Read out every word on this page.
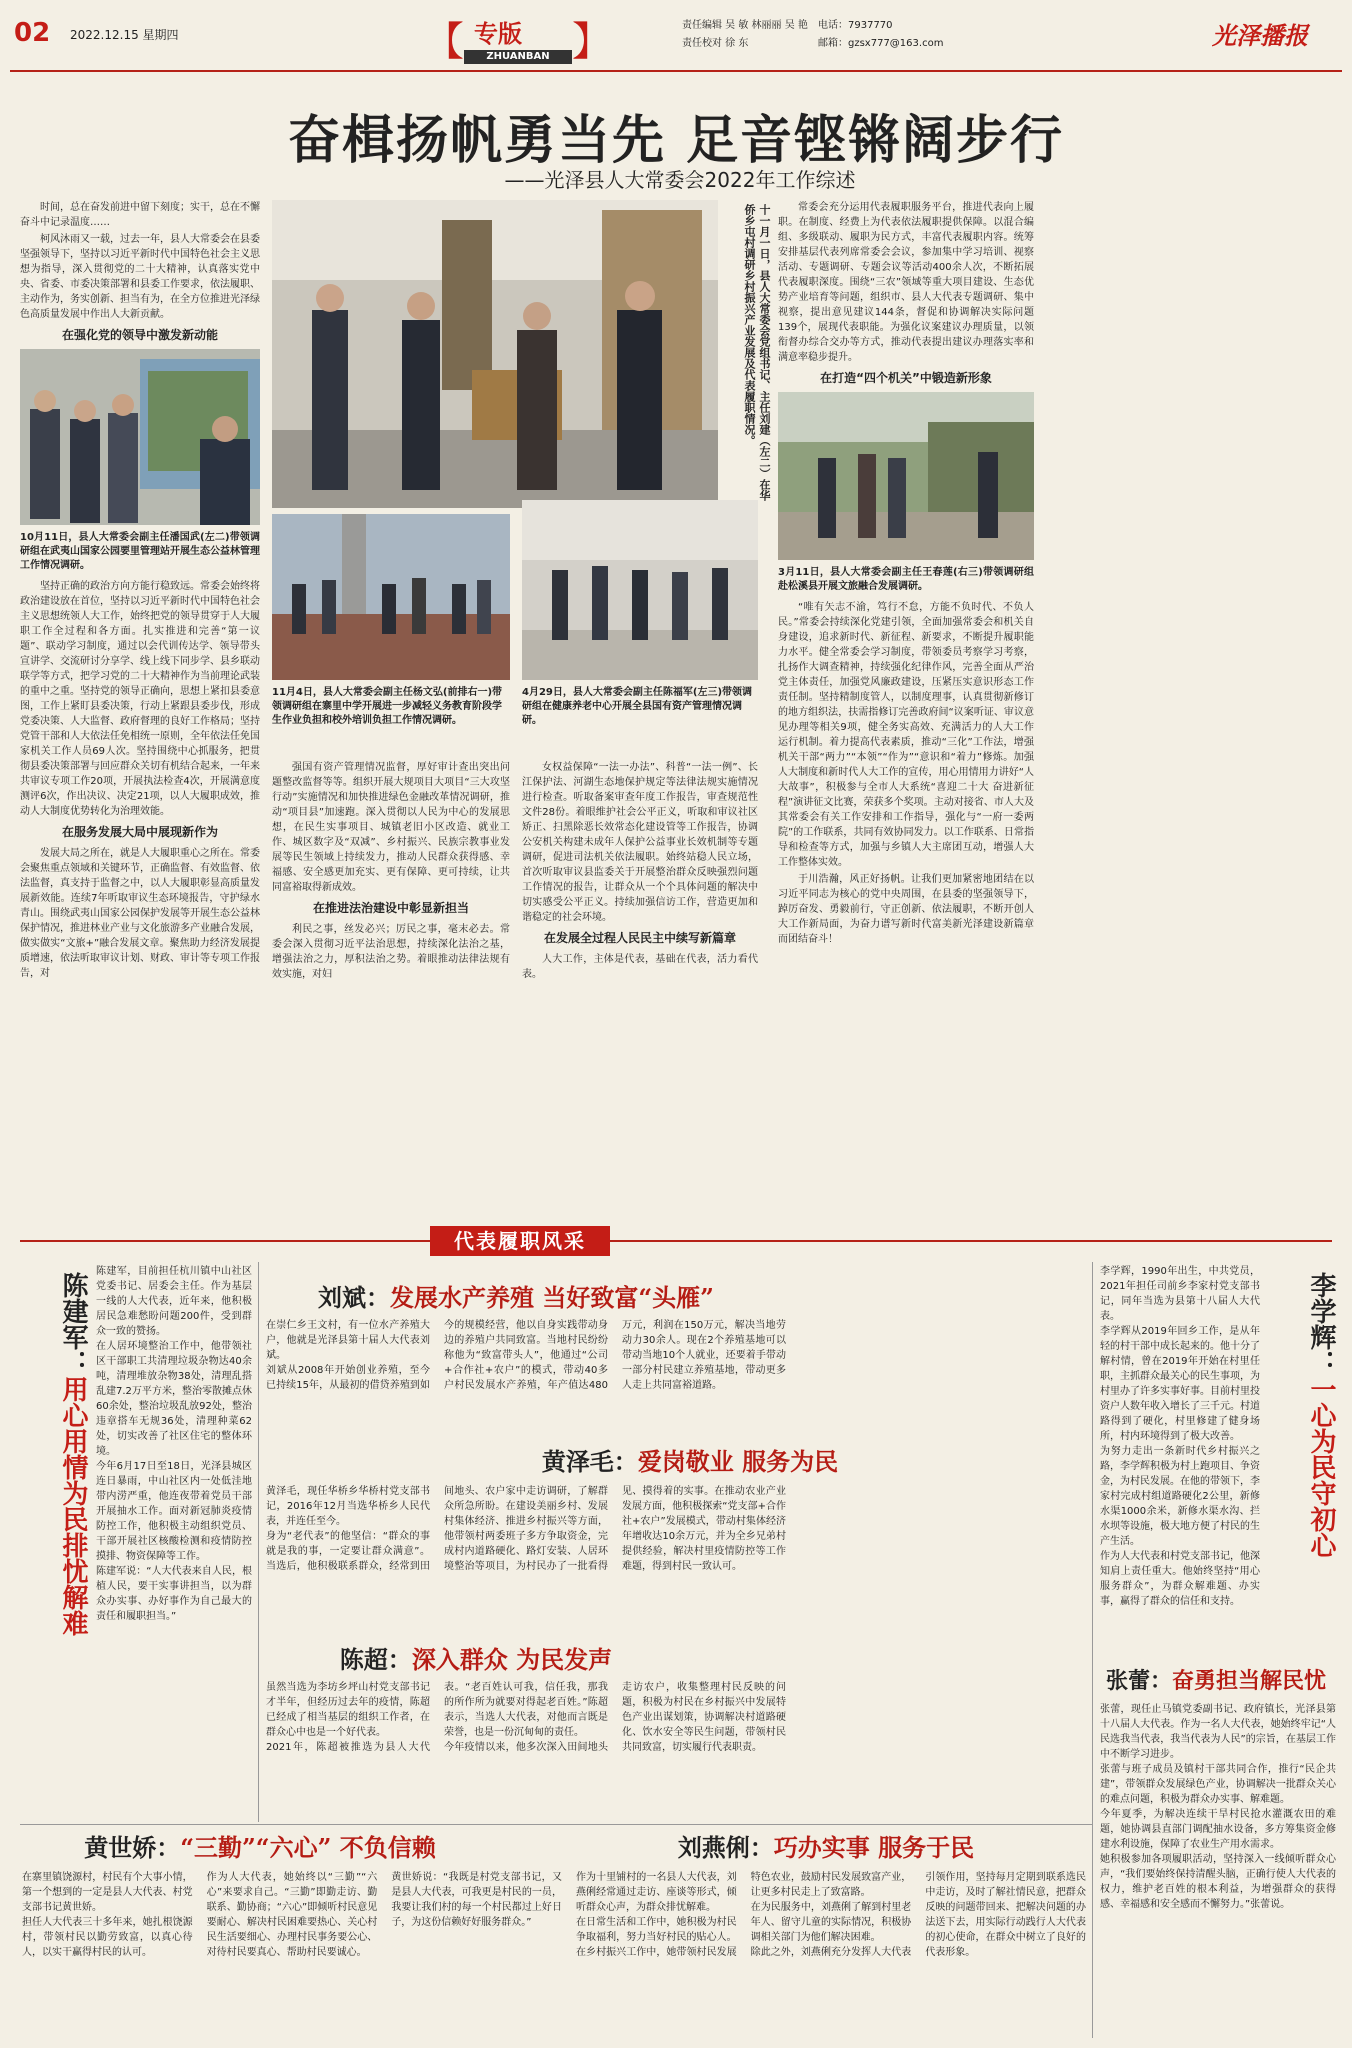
02 2022.12.15 星期四	【 专版 】
ZHUANBAN
责任编辑 吴 敏 林丽丽 吴 艳
责任校对 徐 东
电话：7937770
邮箱：gzsx777@163.com	光泽播报
奋楫扬帆勇当先 足音铿锵阔步行
——光泽县人大常委会2022年工作综述

时间，总在奋发前进中留下刻度；实干，总在不懈奋斗中记录温度……

柯风沐雨又一载，过去一年，县人大常委会在县委坚强领导下，坚持以习近平新时代中国特色社会主义思想为指导，深入贯彻党的二十大精神，认真落实党中央、省委、市委决策部署和县委工作要求，依法履职、主动作为，务实创新、担当有为，在全方位推进光泽绿色高质量发展中作出人大新贡献。

在强化党的领导中激发新动能
10月11日，县人大常委会副主任潘国武(左二)带领调研组在武夷山国家公园要里管理站开展生态公益林管理工作情况调研。

坚持正确的政治方向方能行稳致远。常委会始终将政治建设放在首位，坚持以习近平新时代中国特色社会主义思想统领人大工作，始终把党的领导贯穿于人大履职工作全过程和各方面。扎实推进和完善“第一议题”、联动学习制度，通过以会代训传达学、领导带头宣讲学、交流研讨分享学、线上线下同步学、县乡联动联学等方式，把学习党的二十大精神作为当前理论武装的重中之重。坚持党的领导正确向，思想上紧扣县委意图，工作上紧盯县委决策，行动上紧跟县委步伐，形成党委决策、人大监督、政府督理的良好工作格局；坚持党管干部和人大依法任免相统一原则，全年依法任免国家机关工作人员69人次。坚持围绕中心抓服务，把贯彻县委决策部署与回应群众关切有机结合起来，一年来共审议专项工作20项，开展执法检查4次，开展满意度测评6次，作出决议、决定21项，以人大履职成效，推动人大制度优势转化为治理效能。

在服务发展大局中展现新作为

发展大局之所在，就是人大履职重心之所在。常委会聚焦重点领域和关键环节，正确监督、有效监督、依法监督，真支持于监督之中，以人大履职彰显高质量发展新效能。连续7年听取审议生态环境报告，守护绿水青山。围绕武夷山国家公园保护发展等开展生态公益林保护情况，推进林业产业与文化旅游多产业融合发展，做实做实“文旅+”融合发展文章。聚焦助力经济发展提质增速，依法听取审议计划、财政、审计等专项工作报告，对

十一月一日，县人大常委会党组书记、主任刘建（左二）在华侨乡屯村调研乡村振兴产业发展及代表履职情况。
11月4日，县人大常委会副主任杨文弘(前排右一)带领调研组在寨里中学开展进一步减轻义务教育阶段学生作业负担和校外培训负担工作情况调研。
4月29日，县人大常委会副主任陈福军(左三)带领调研组在健康养老中心开展全县国有资产管理情况调研。

强国有资产管理情况监督，厚好审计查出突出问题整改监督等等。组织开展大规项目大项目“三大攻坚行动”实施情况和加快推进绿色金融改革情况调研，推动“项目县”加速跑。深入贯彻以人民为中心的发展思想，在民生实事项目、城镇老旧小区改造、就业工作、城区数字及“双减”、乡村振兴、民族宗教事业发展等民生领域上持续发力，推动人民群众获得感、幸福感、安全感更加充实、更有保障、更可持续，让共同富裕取得新成效。

在推进法治建设中彰显新担当

利民之事，丝发必兴；厉民之事，毫末必去。常委会深入贯彻习近平法治思想，持续深化法治之基，增强法治之力，厚积法治之势。着眼推动法律法规有效实施，对妇

女权益保障“一法一办法”、科普“一法一例”、长江保护法、河湖生态地保护规定等法律法规实施情况进行检查。听取备案审查年度工作报告，审查规范性文件28份。着眼维护社会公平正义，听取和审议社区矫正、扫黑除恶长效常态化建设管等工作报告，协调公安机关构建未成年人保护公益事业长效机制等专题调研，促进司法机关依法履职。始终站稳人民立场，首次听取审议县监委关于开展整治群众反映强烈问题工作情况的报告，让群众从一个个具体问题的解决中切实感受公平正义。持续加强信访工作，营造更加和谐稳定的社会环境。

在发展全过程人民民主中续写新篇章

人大工作，主体是代表，基础在代表，活力看代表。

常委会充分运用代表履职服务平台，推进代表向上履职。在制度、经费上为代表依法履职提供保障。以混合编组、多级联动、履职为民方式，丰富代表履职内容。统筹安排基层代表列席常委会会议，参加集中学习培训、视察活动、专题调研、专题会议等活动400余人次，不断拓展代表履职深度。围绕“三农”领域等重大项目建设、生态优势产业培育等问题，组织市、县人大代表专题调研、集中视察，提出意见建议144条，督促和协调解决实际问题139个，展现代表职能。为强化议案建议办理质量，以领衔督办综合交办等方式，推动代表提出建议办理落实率和满意率稳步提升。

在打造“四个机关”中锻造新形象
3月11日，县人大常委会副主任王春莲(右三)带领调研组赴松溪县开展文旅融合发展调研。

“唯有矢志不渝，笃行不怠，方能不负时代、不负人民。”常委会持续深化党建引领，全面加强常委会和机关自身建设，追求新时代、新征程、新要求，不断提升履职能力水平。健全常委会学习制度，带领委员考察学习考察，扎扬作大调查精神，持续强化纪律作风，完善全面从严治党主体责任，加强党风廉政建设，压紧压实意识形态工作责任制。坚持精制度管人，以制度理事，认真贯彻新修订的地方组织法，扶需指修订完善政府间“议案听证、审议意见办理等相关9项，健全务实高效、充满活力的人大工作运行机制。着力提高代表素质，推动“三化”工作法，增强机关干部“两力”“本领”“作为”“意识和“着力”修炼。加强人大制度和新时代人大工作的宣传，用心用情用力讲好“人大故事”，积极参与全市人大系统“喜迎二十大 奋进新征程”演讲征文比赛，荣获多个奖项。主动对接省、市人大及其常委会有关工作安排和工作指导，强化与“一府一委两院”的工作联系，共同有效协同发力。以工作联系、日常指导和检查等方式，加强与乡镇人大主席团互动，增强人大工作整体实效。

于川浩瀚，风正好扬帆。让我们更加紧密地团结在以习近平同志为核心的党中央周围，在县委的坚强领导下，踔厉奋发、勇毅前行，守正创新、依法履职，不断开创人大工作新局面，为奋力谱写新时代富美新光泽建设新篇章而团结奋斗！

代表履职风采
陈建军：用心用情为民排忧解难
陈建军，目前担任杭川镇中山社区党委书记、居委会主任。作为基层一线的人大代表，近年来，他积极居民急难愁盼问题200件，受到群众一致的赞扬。
在人居环境整治工作中，他带领社区干部职工共清理垃圾杂物达40余吨，清理堆放杂物38处，清理乱搭乱建7.2万平方米，整治零散摊点休60余处，整治垃圾乱放92处，整治违章搭车无规36处，清理种菜62处，切实改善了社区住宅的整体环境。
今年6月17日至18日，光泽县城区连日暴雨，中山社区内一处低洼地带内涝严重，他连夜带着党员干部开展抽水工作。面对新冠肺炎疫情防控工作，他积极主动组织党员、干部开展社区核酸检测和疫情防控摸排、物资保障等工作。
陈建军说：“人大代表来自人民，根植人民，要干实事讲担当，以为群众办实事、办好事作为自己最大的责任和履职担当。”
刘斌：发展水产养殖 当好致富“头雁”
在崇仁乡王文村，有一位水产养殖大户，他就是光泽县第十届人大代表刘斌。
刘斌从2008年开始创业养殖，至今已持续15年，从最初的借贷养殖到如今的规模经营，他以自身实践带动身边的养殖户共同致富。当地村民纷纷称他为“致富带头人”，他通过“公司+合作社+农户”的模式，带动40多户村民发展水产养殖，年产值达480万元，利润在150万元，解决当地劳动力30余人。现在2个养殖基地可以带动当地10个人就业，还要着手带动一部分村民建立养殖基地，带动更多人走上共同富裕道路。
黄泽毛：爱岗敬业 服务为民
黄泽毛，现任华桥乡华桥村党支部书记，2016年12月当选华桥乡人民代表，并连任至今。
身为“老代表”的他坚信：“群众的事就是我的事，一定要让群众满意”。当选后，他积极联系群众，经常到田间地头、农户家中走访调研，了解群众所急所盼。在建设美丽乡村、发展村集体经济、推进乡村振兴等方面，他带领村两委班子多方争取资金，完成村内道路硬化、路灯安装、人居环境整治等项目，为村民办了一批看得见、摸得着的实事。在推动农业产业发展方面，他积极探索“党支部+合作社+农户”发展模式，带动村集体经济年增收达10余万元，并为全乡兄弟村提供经验，解决村里疫情防控等工作难题，得到村民一致认可。
陈超：深入群众 为民发声
虽然当选为李坊乡坪山村党支部书记才半年，但经历过去年的疫情，陈超已经成了相当基层的组织工作者，在群众心中也是一个好代表。
2021年，陈超被推选为县人大代表。“老百姓认可我，信任我，那我的所作所为就要对得起老百姓。”陈超表示，当选人大代表，对他而言既是荣誉，也是一份沉甸甸的责任。
今年疫情以来，他多次深入田间地头走访农户，收集整理村民反映的问题，积极为村民在乡村振兴中发展特色产业出谋划策，协调解决村道路硬化、饮水安全等民生问题，带领村民共同致富，切实履行代表职责。
李学辉：一心为民守初心
李学辉，1990年出生，中共党员，2021年担任司前乡李家村党支部书记，同年当选为县第十八届人大代表。
李学辉从2019年回乡工作，是从年轻的村干部中成长起来的。他十分了解村情，曾在2019年开始在村里任职，主抓群众最关心的民生事项，为村里办了许多实事好事。目前村里投资户人数年收入增长了三千元。村道路得到了硬化，村里修建了健身场所，村内环境得到了极大改善。
为努力走出一条新时代乡村振兴之路，李学辉积极为村上跑项目、争资金，为村民发展。在他的带领下，李家村完成村组道路硬化2公里，新修水渠1000余米，新修水渠水沟、拦水坝等设施，极大地方便了村民的生产生活。
作为人大代表和村党支部书记，他深知肩上责任重大。他始终坚持“用心服务群众”，为群众解难题、办实事，赢得了群众的信任和支持。
张蕾：奋勇担当解民忧
张蕾，现任止马镇党委副书记、政府镇长，光泽县第十八届人大代表。作为一名人大代表，她始终牢记“人民选我当代表，我当代表为人民”的宗旨，在基层工作中不断学习进步。
张蕾与班子成员及镇村干部共同合作，推行“民企共建”，带领群众发展绿色产业，协调解决一批群众关心的难点问题，积极为群众办实事、解难题。
今年夏季，为解决连续干旱村民抢水灌溉农田的难题，她协调县直部门调配抽水设备，多方筹集资金修建水利设施，保障了农业生产用水需求。
她积极参加各项履职活动，坚持深入一线倾听群众心声，“我们要始终保持清醒头脑，正确行使人大代表的权力，维护老百姓的根本利益，为增强群众的获得感、幸福感和安全感而不懈努力。”张蕾说。
黄世娇：“三勤”“六心” 不负信赖
在寨里镇饶源村，村民有个大事小情，第一个想到的一定是县人大代表、村党支部书记黄世娇。
担任人大代表三十多年来，她扎根饶源村，带领村民以勤劳致富，以真心待人，以实干赢得村民的认可。
作为人大代表，她始终以“三勤”“六心”来要求自己。“三勤”即勤走访、勤联系、勤协商；“六心”即倾听村民意见要耐心、解决村民困难要热心、关心村民生活要细心、办理村民事务要公心、对待村民要真心、帮助村民要诚心。
黄世娇说：“我既是村党支部书记，又是县人大代表，可我更是村民的一员，我要让我们村的每一个村民都过上好日子，为这份信赖好好服务群众。”
刘燕俐：巧办实事 服务于民
作为十里铺村的一名县人大代表，刘燕俐经常通过走访、座谈等形式，倾听群众心声，为群众排忧解难。
在日常生活和工作中，她积极为村民争取福利，努力当好村民的贴心人。在乡村振兴工作中，她带领村民发展特色农业，鼓励村民发展致富产业，让更多村民走上了致富路。
在为民服务中，刘燕俐了解到村里老年人、留守儿童的实际情况，积极协调相关部门为他们解决困难。
除此之外，刘燕俐充分发挥人大代表引领作用，坚持每月定期到联系选民中走访，及时了解社情民意，把群众反映的问题带回来、把解决问题的办法送下去，用实际行动践行人大代表的初心使命，在群众中树立了良好的代表形象。
